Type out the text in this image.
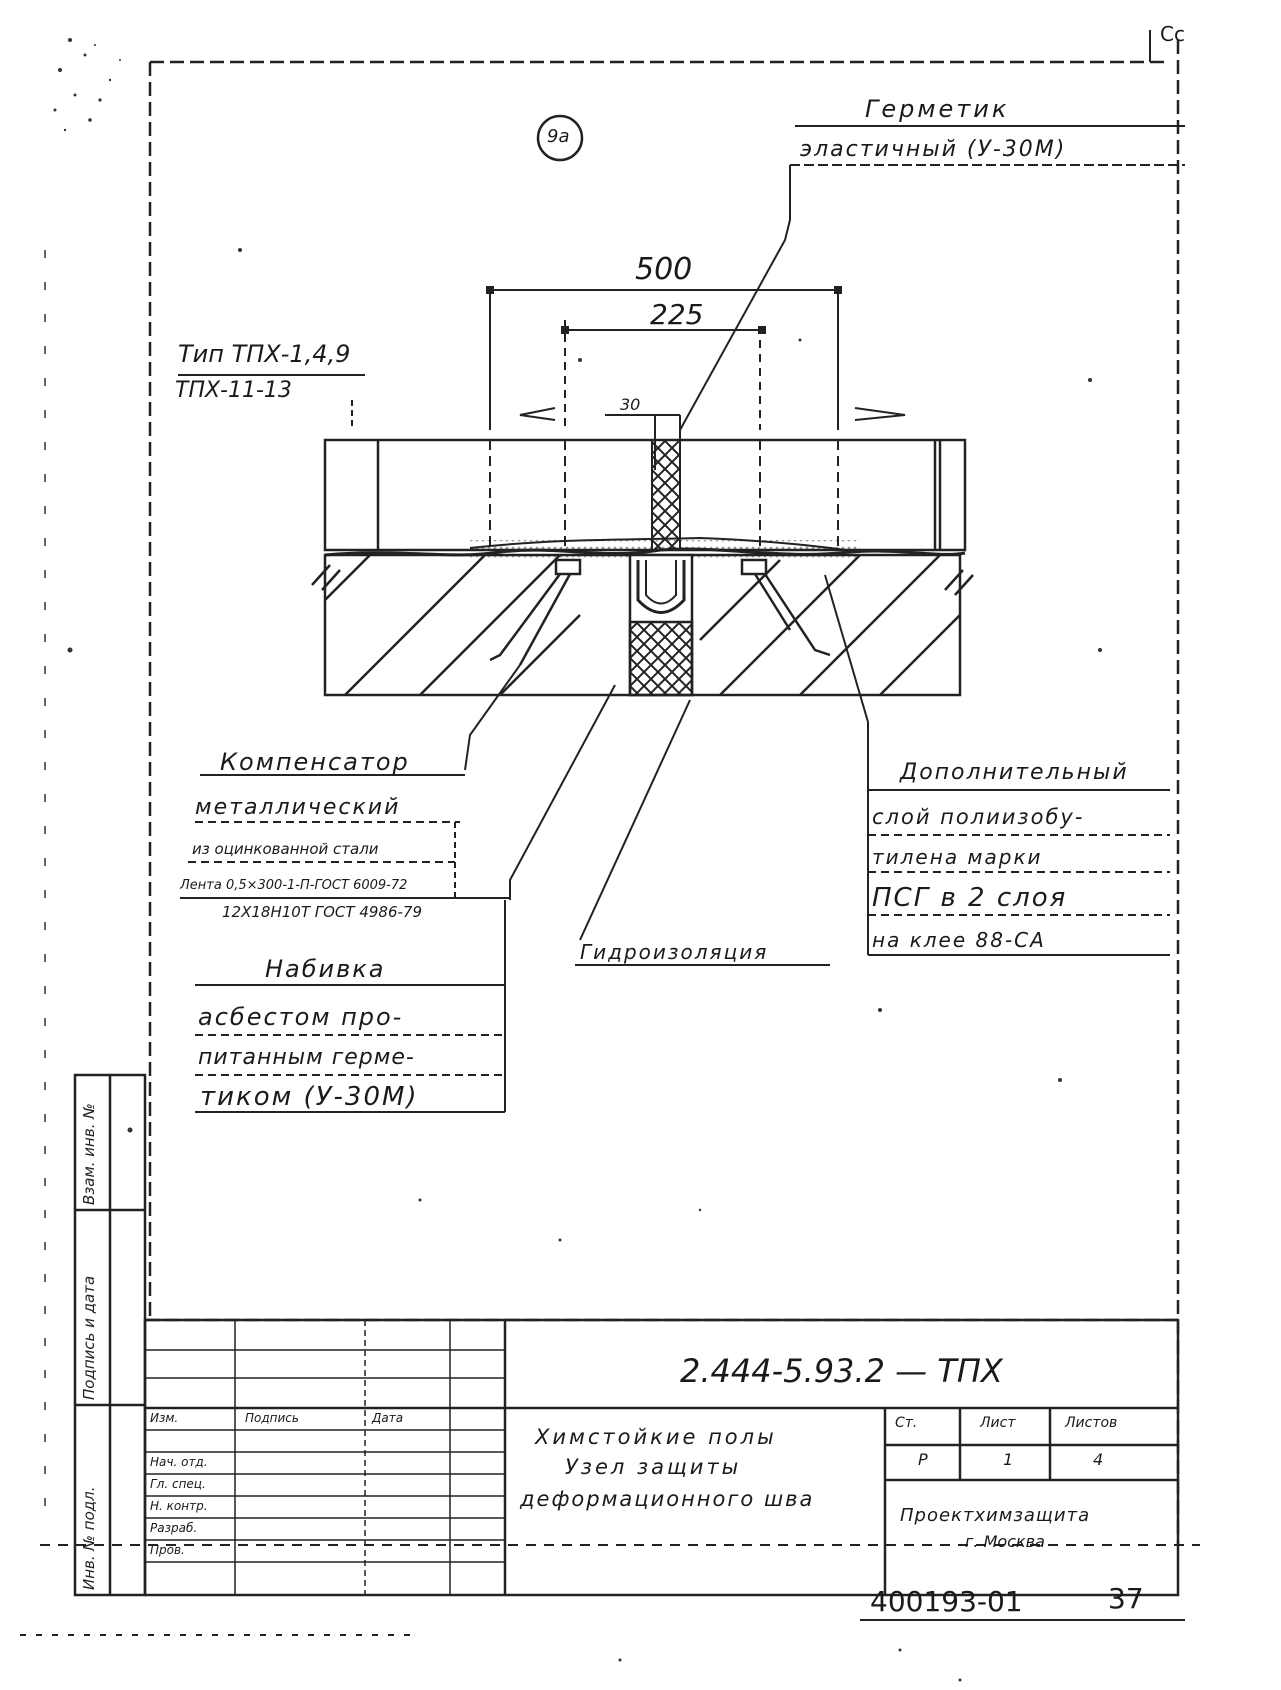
9a
Герметик
эластичный (У-30М)
500
225
30
Тип ТПХ-1,4,9
ТПХ-11-13
Компенсатор
металлический
из оцинкованной стали
Лента 0,5×300-1-П-ГОСТ 6009-72
12Х18Н10Т ГОСТ 4986-79
Набивка
асбестом про-
питанным герме-
тиком (У-30М)
Гидроизоляция
Дополнительный
слой полиизобу-
тилена марки
ПСГ в 2 слоя
на клее 88-СА
2.444-5.93.2 — ТПХ
Химстойкие полы
Узел защиты
деформационного шва
Ст.	Лист	Листов
Р	1	4
Проектхимзащита
г. Москва
Изм.	Подпись	Дата
Нач. отд.
Гл. спец.
Н. контр.
Разраб.
Пров.
Инв. № подл.
Подпись и дата
Взам. инв. №
400193-01	37
Сс
